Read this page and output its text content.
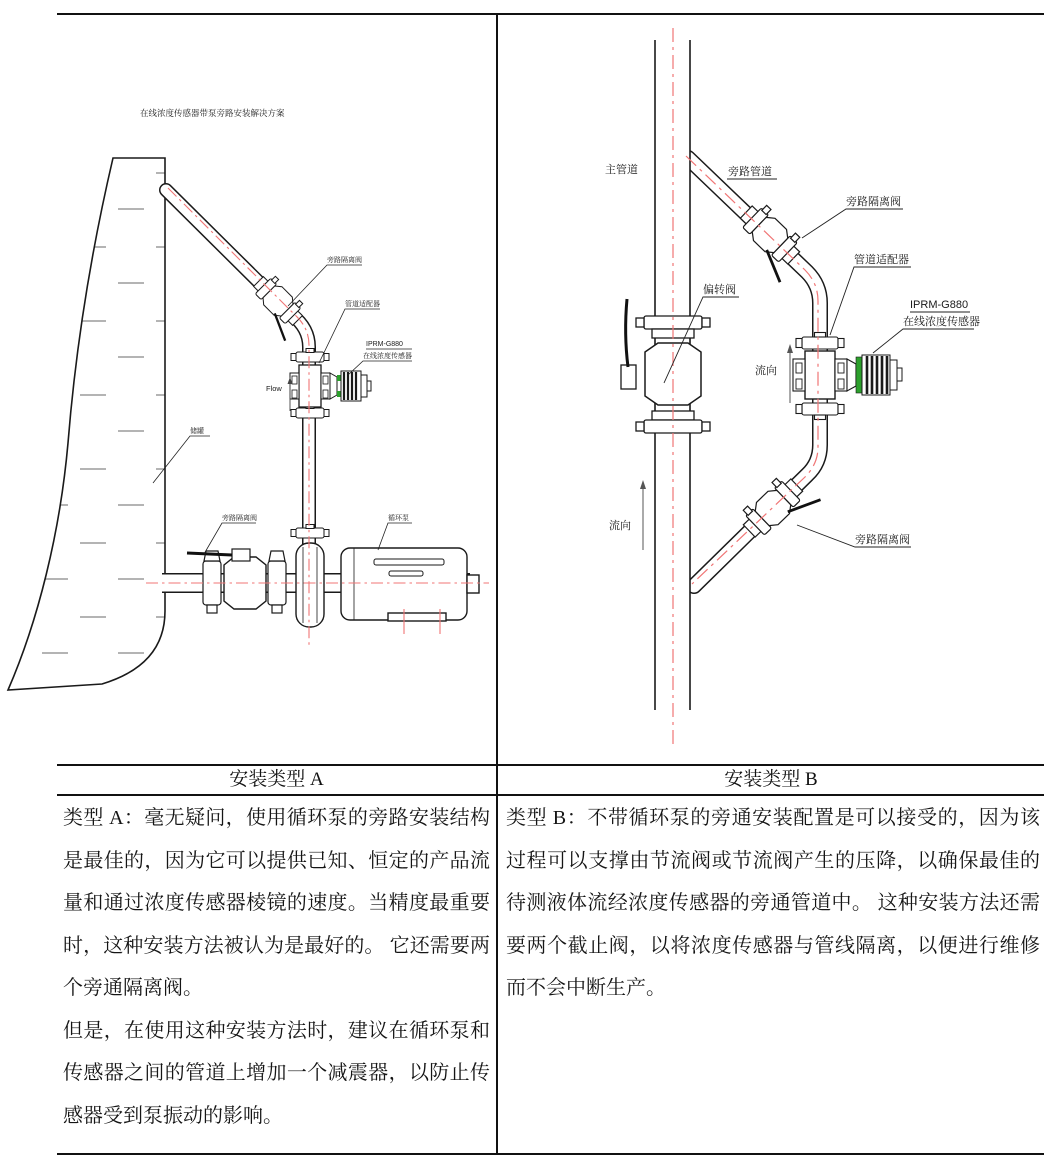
Flow
旁路隔离阀
管道适配器
IPRM-G880
在线浓度传感器
储罐
旁路隔离阀	循环泵
在线浓度传感器带泵旁路安装解决方案
流向
流向
主管道	旁路管道
旁路隔离阀
管道适配器
IPRM-G880
在线浓度传感器
偏转阀
旁路隔离阀
安装类型 A	安装类型 B

类型 A：毫无疑问，使用循环泵的旁路安装结构是最佳的，因为它可以提供已知、恒定的产品流量和通过浓度传感器棱镜的速度。当精度最重要时，这种安装方法被认为是最好的。 它还需要两个旁通隔离阀。

但是，在使用这种安装方法时，建议在循环泵和传感器之间的管道上增加一个减震器，以防止传感器受到泵振动的影响。

类型 B：不带循环泵的旁通安装配置是可以接受的，因为该过程可以支撑由节流阀或节流阀产生的压降，以确保最佳的待测液体流经浓度传感器的旁通管道中。 这种安装方法还需要两个截止阀，以将浓度传感器与管线隔离，以便进行维修而不会中断生产。
